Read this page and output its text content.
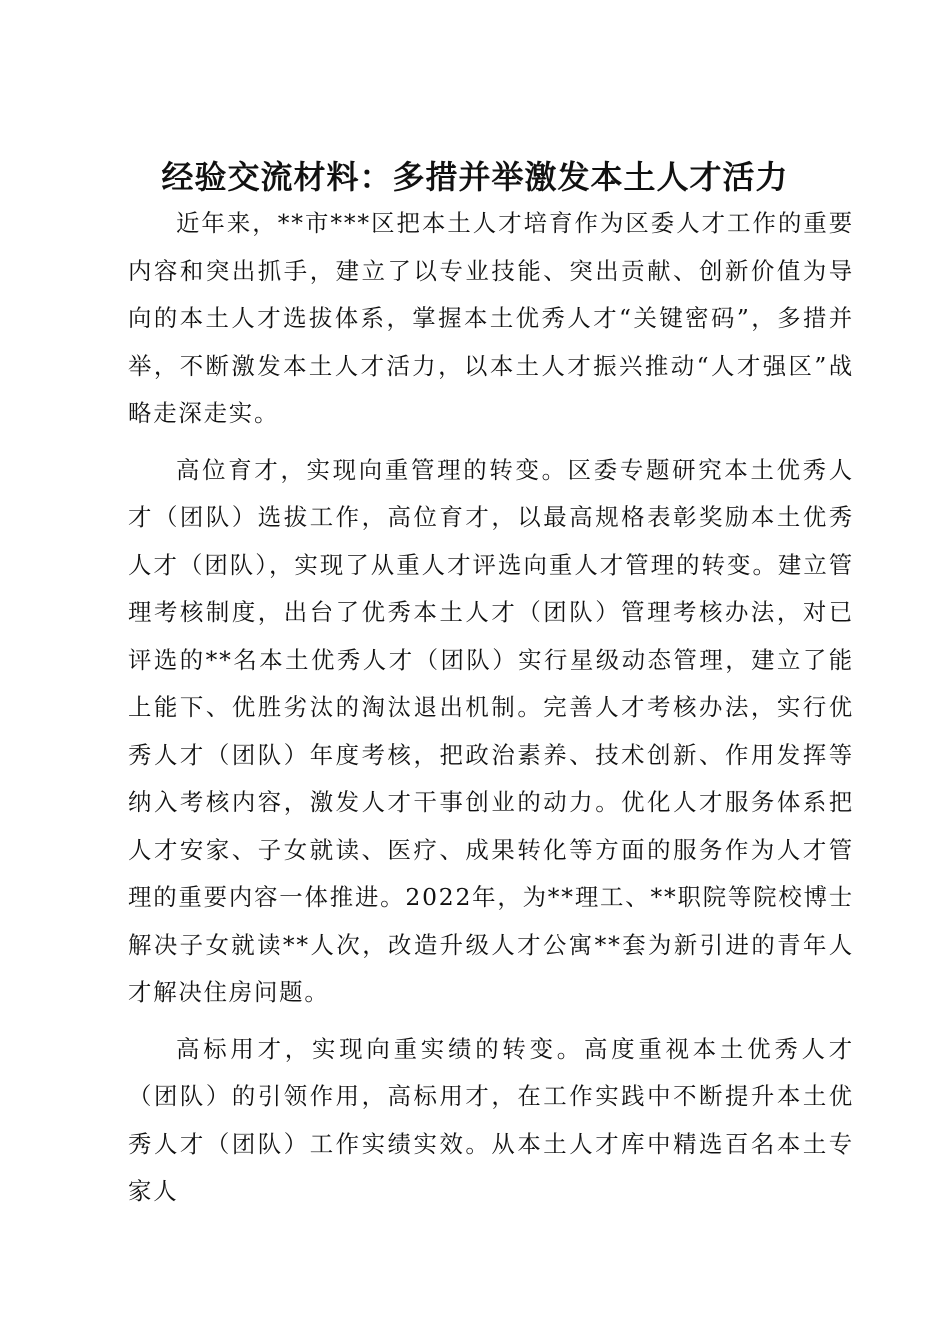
经验交流材料：多措并举激发本土人才活力

近年来，**市***区把本土人才培育作为区委人才工作的重要内容和突出抓手，建立了以专业技能、突出贡献、创新价值为导向的本土人才选拔体系，掌握本土优秀人才“关键密码”，多措并举，不断激发本土人才活力，以本土人才振兴推动“人才强区”战略走深走实。

高位育才，实现向重管理的转变。区委专题研究本土优秀人才（团队）选拔工作，高位育才，以最高规格表彰奖励本土优秀人才（团队），实现了从重人才评选向重人才管理的转变。建立管理考核制度，出台了优秀本土人才（团队）管理考核办法，对已评选的**名本土优秀人才（团队）实行星级动态管理，建立了能上能下、优胜劣汰的淘汰退出机制。完善人才考核办法，实行优秀人才（团队）年度考核，把政治素养、技术创新、作用发挥等纳入考核内容，激发人才干事创业的动力。优化人才服务体系把人才安家、子女就读、医疗、成果转化等方面的服务作为人才管理的重要内容一体推进。2022年，为**理工、**职院等院校博士解决子女就读**人次，改造升级人才公寓**套为新引进的青年人才解决住房问题。

高标用才，实现向重实绩的转变。高度重视本土优秀人才（团队）的引领作用，高标用才，在工作实践中不断提升本土优秀人才（团队）工作实绩实效。从本土人才库中精选百名本土专家人
